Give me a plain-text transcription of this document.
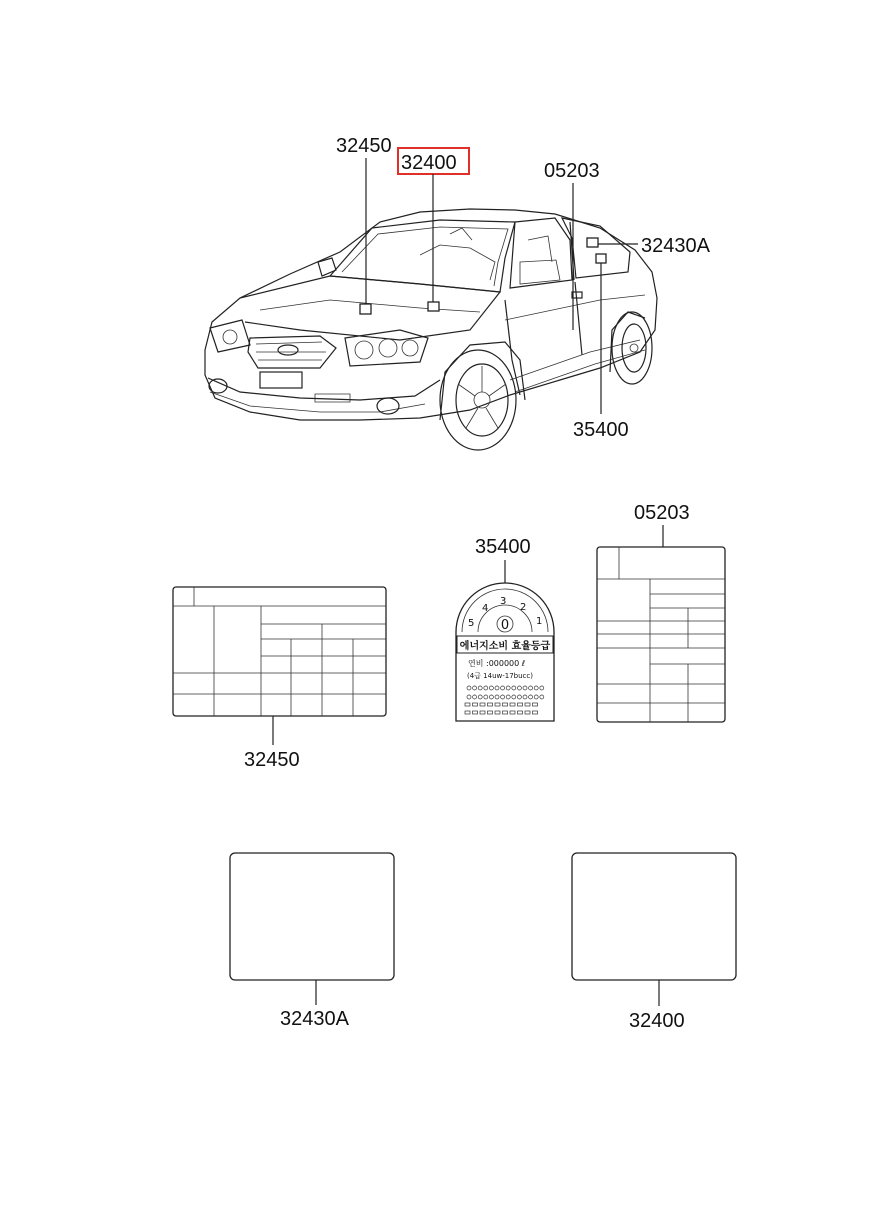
32450
32400	05203
32430A
35400
32450
35400
0
5
4
3
2
1
에너지소비 효율등급
연비 :000000 ℓ
(4급 14uw-17bucc)
05203
32430A	32400
